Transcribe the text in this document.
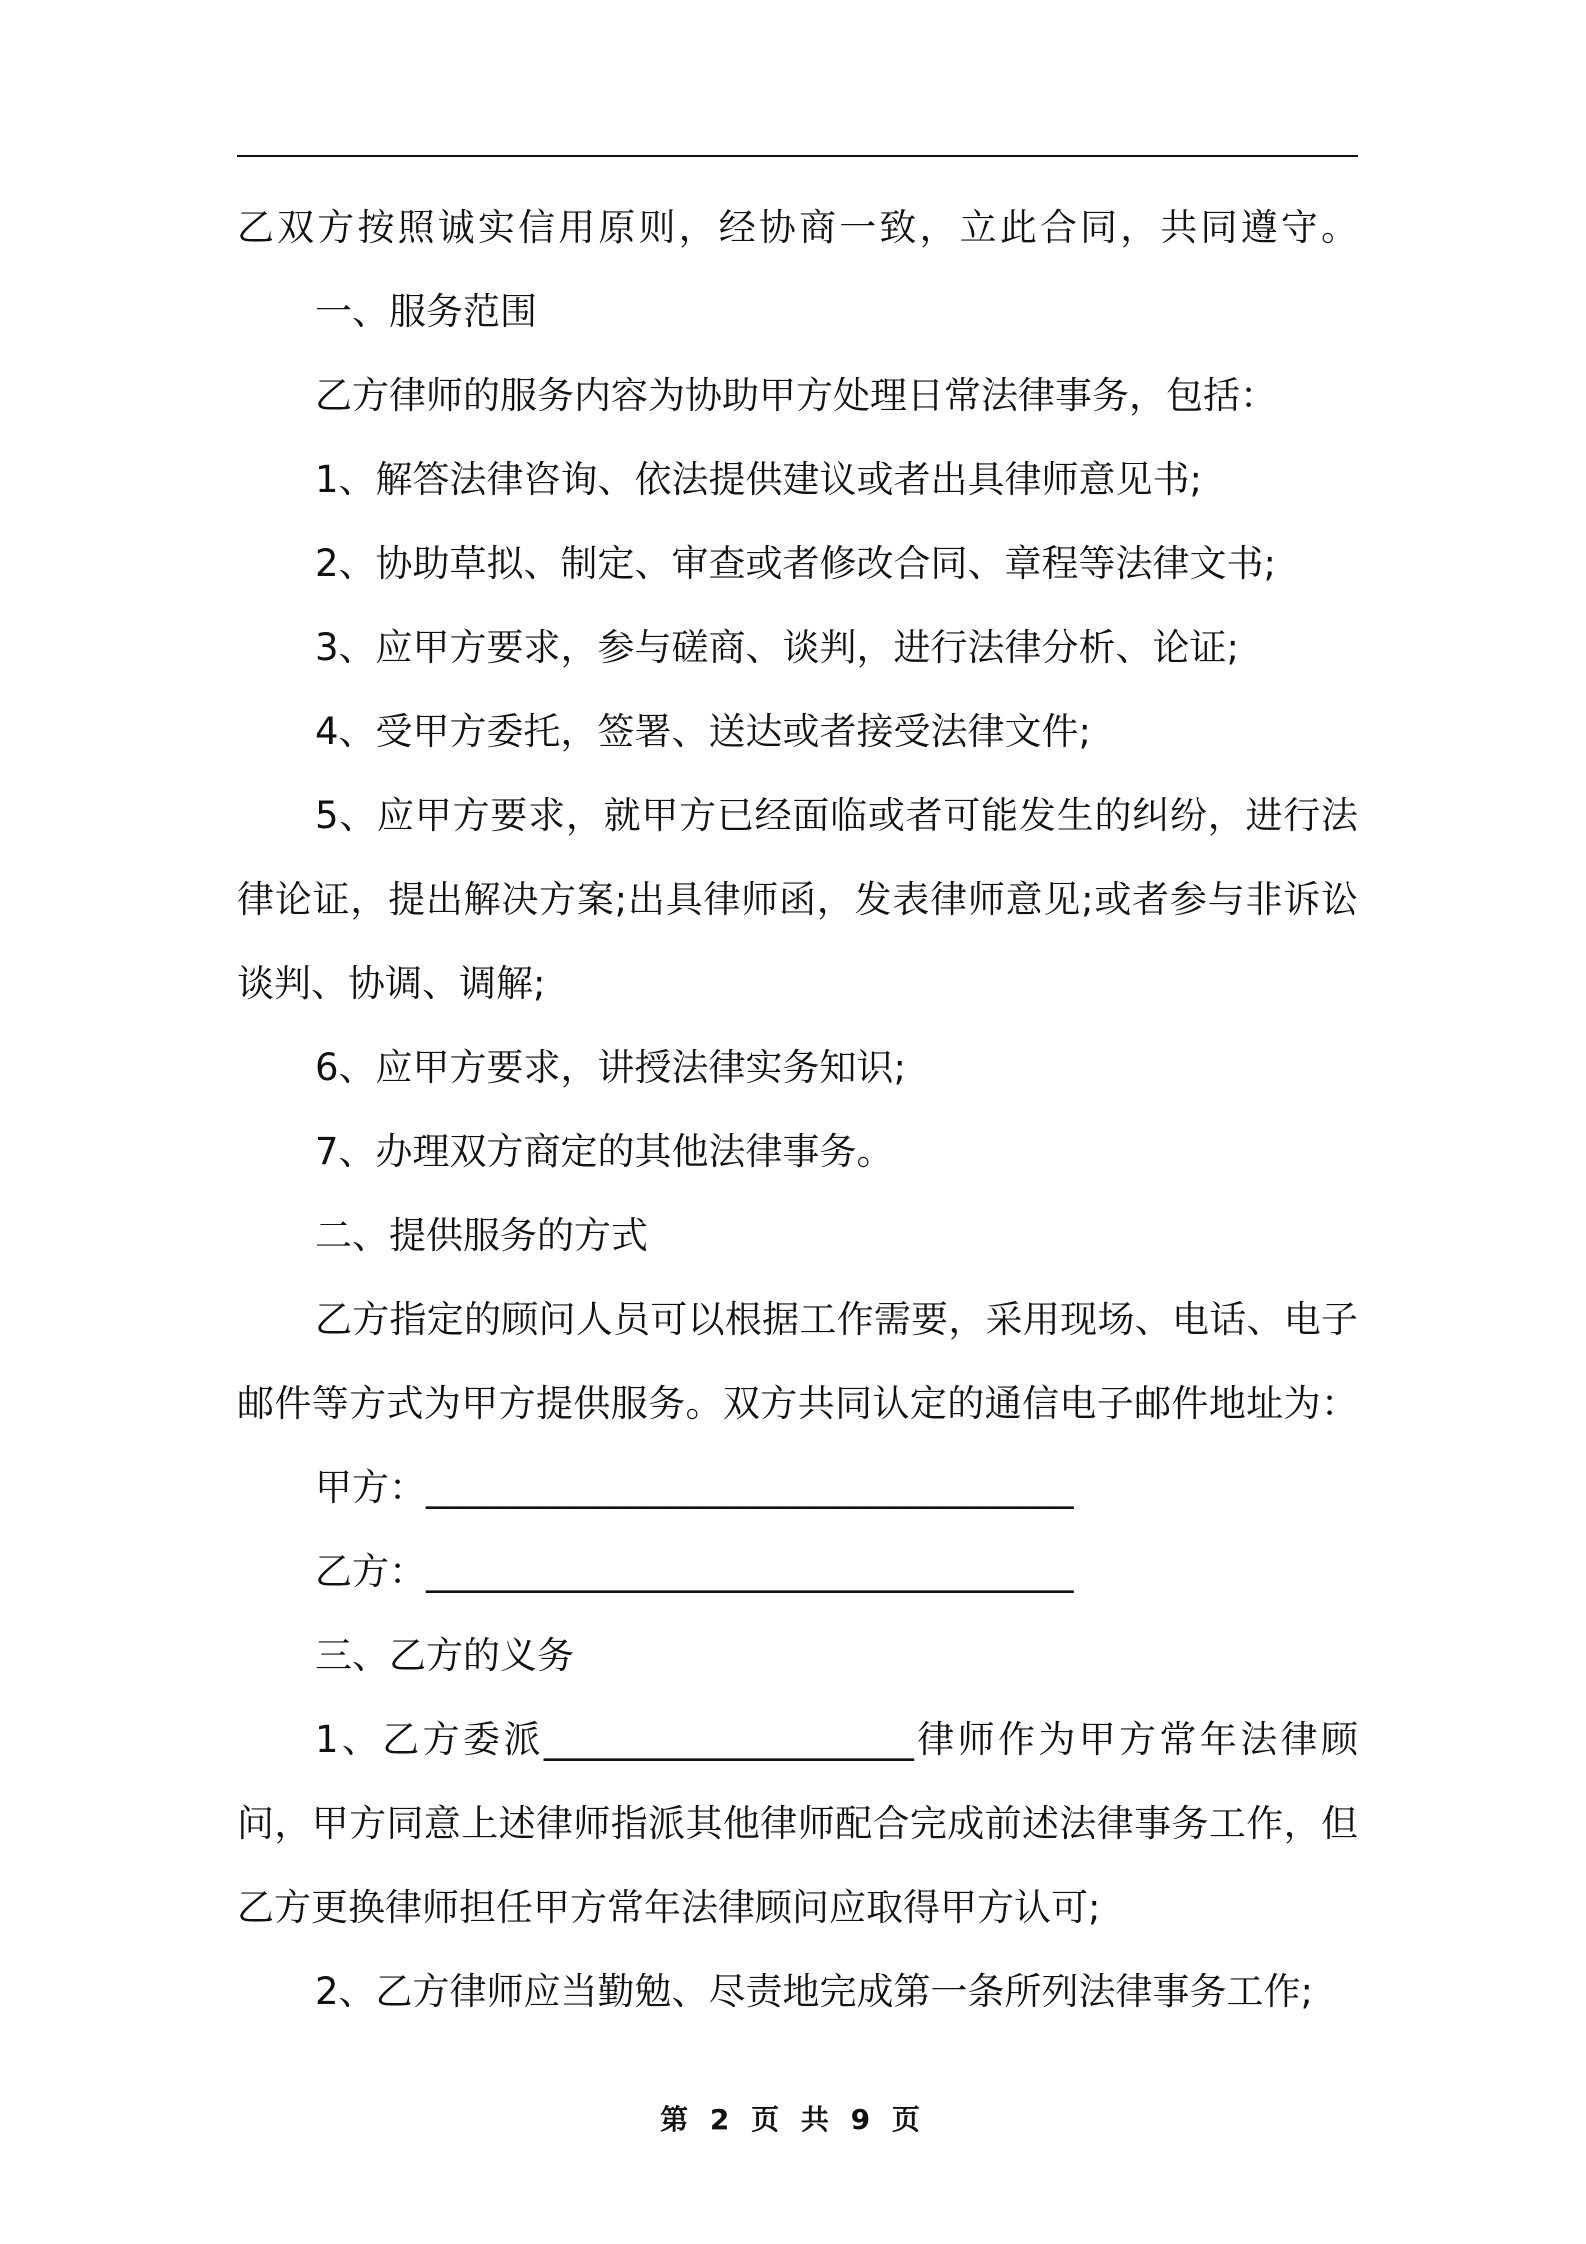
乙双方按照诚实信用原则，经协商一致，立此合同，共同遵守。
一、服务范围
乙方律师的服务内容为协助甲方处理日常法律事务，包括：
1、解答法律咨询、依法提供建议或者出具律师意见书;
2、协助草拟、制定、审查或者修改合同、章程等法律文书;
3、应甲方要求，参与磋商、谈判，进行法律分析、论证;
4、受甲方委托，签署、送达或者接受法律文件;
5、应甲方要求，就甲方已经面临或者可能发生的纠纷，进行法
律论证，提出解决方案;出具律师函，发表律师意见;或者参与非诉讼
谈判、协调、调解;
6、应甲方要求，讲授法律实务知识;
7、办理双方商定的其他法律事务。
二、提供服务的方式
乙方指定的顾问人员可以根据工作需要，采用现场、电话、电子
邮件等方式为甲方提供服务。双方共同认定的通信电子邮件地址为：
甲方：___________________________________
乙方：___________________________________
三、乙方的义务
1、乙方委派____________________律师作为甲方常年法律顾
问，甲方同意上述律师指派其他律师配合完成前述法律事务工作，但
乙方更换律师担任甲方常年法律顾问应取得甲方认可;
2、乙方律师应当勤勉、尽责地完成第一条所列法律事务工作;
第 2 页 共 9 页
